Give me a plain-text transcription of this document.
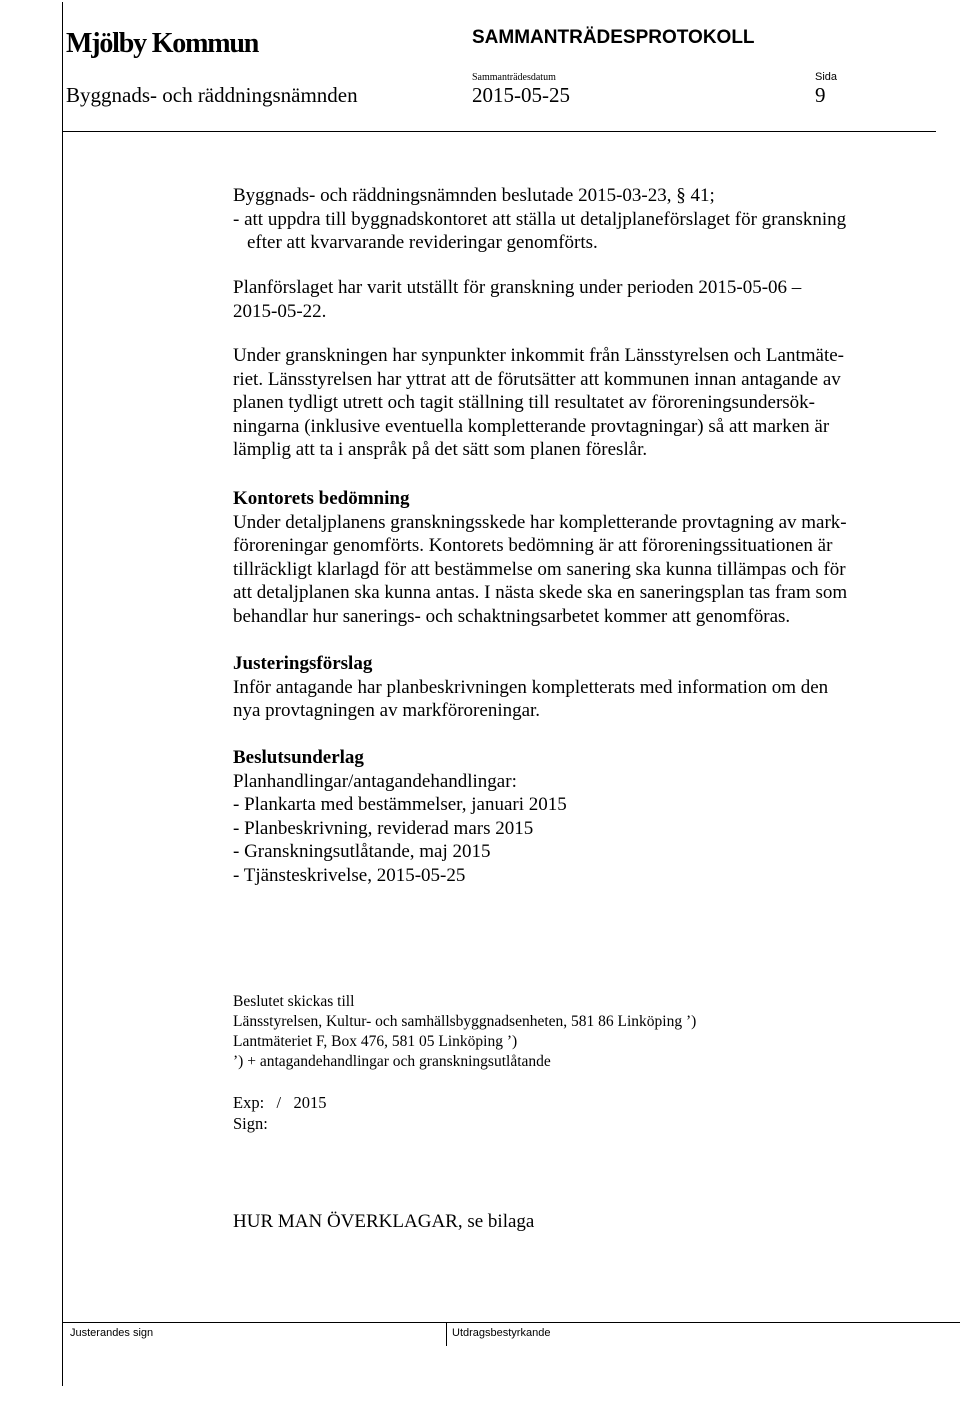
Mjölby Kommun	SAMMANTRÄDESPROTOKOLL
Byggnads- och räddningsnämnden
Sammanträdesdatum
2015-05-25
Sida
9
Byggnads- och räddningsnämnden beslutade 2015-03-23, § 41;
- att uppdra till byggnadskontoret att ställa ut detaljplaneförslaget för granskning
efter att kvarvarande revideringar genomförts.
Planförslaget har varit utställt för granskning under perioden 2015-05-06 –
2015-05-22.
Under granskningen har synpunkter inkommit från Länsstyrelsen och Lantmäte-
riet. Länsstyrelsen har yttrat att de förutsätter att kommunen innan antagande av
planen tydligt utrett och tagit ställning till resultatet av föroreningsundersök-
ningarna (inklusive eventuella kompletterande provtagningar) så att marken är
lämplig att ta i anspråk på det sätt som planen föreslår.
Kontorets bedömning
Under detaljplanens granskningsskede har kompletterande provtagning av mark-
föroreningar genomförts. Kontorets bedömning är att föroreningssituationen är
tillräckligt klarlagd för att bestämmelse om sanering ska kunna tillämpas och för
att detaljplanen ska kunna antas. I nästa skede ska en saneringsplan tas fram som
behandlar hur sanerings- och schaktningsarbetet kommer att genomföras.
Justeringsförslag
Inför antagande har planbeskrivningen kompletterats med information om den
nya provtagningen av markföroreningar.
Beslutsunderlag
Planhandlingar/antagandehandlingar:
- Plankarta med bestämmelser, januari 2015
- Planbeskrivning, reviderad mars 2015
- Granskningsutlåtande, maj 2015
- Tjänsteskrivelse, 2015-05-25
Beslutet skickas till
Länsstyrelsen, Kultur- och samhällsbyggnadsenheten, 581 86 Linköping ’)
Lantmäteriet F, Box 476, 581 05 Linköping ’)
’) + antagandehandlingar och granskningsutlåtande
Exp:   /   2015
Sign:
HUR MAN ÖVERKLAGAR, se bilaga
Justerandes sign	Utdragsbestyrkande
